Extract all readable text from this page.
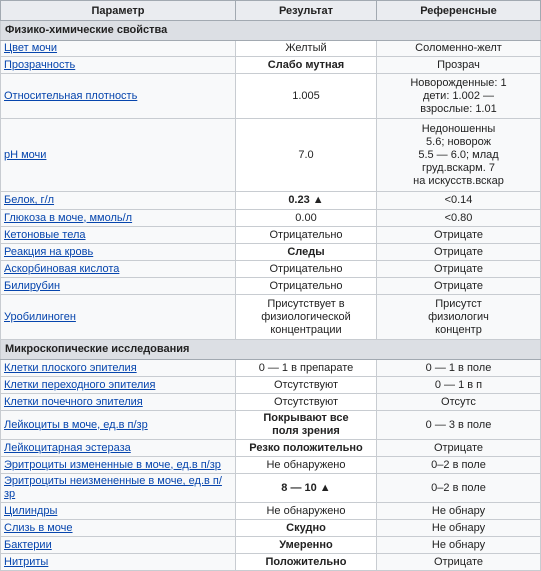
Параметр	Результат	Референсные
Физико-химические свойства		
Цвет мочи	Желтый	Соломенно-желт

Прозрачность	Слабо мутная	Прозрач

Относительная плотность	1.005	Новорожденные: 1
дети: 1.002 —
взрослые: 1.01

pH мочи	7.0	Недоношенны
5.6; новорож
5.5 — 6.0; млад
груд.вскарм. 7
на искусств.вскар

Белок, г/л	0.23 ▲	<0.14

Глюкоза в моче, ммоль/л	0.00	<0.80

Кетоновые тела	Отрицательно	Отрицате

Реакция на кровь	Следы	Отрицате

Аскорбиновая кислота	Отрицательно	Отрицате

Билирубин	Отрицательно	Отрицате

Уробилиноген	Присутствует в
физиологической
концентрации	Присутст
физиологич
концентр

Микроскопические исследования		
Клетки плоского эпителия	0 — 1 в препарате	0 — 1 в поле

Клетки переходного эпителия	Отсутствуют	0 — 1 в п

Клетки почечного эпителия	Отсутствуют	Отсутс

Лейкоциты в моче, ед.в п/зр	Покрывают все
поля зрения	0 — 3 в поле

Лейкоцитарная эстераза	Резко положительно	Отрицате

Эритроциты измененные в моче, ед.в п/зр	Не обнаружено	0–2 в поле

Эритроциты неизмененные в моче, ед.в п/зр	8 — 10 ▲	0–2 в поле

Цилиндры	Не обнаружено	Не обнару

Слизь в моче	Скудно	Не обнару

Бактерии	Умеренно	Не обнару

Нитриты	Положительно	Отрицате
